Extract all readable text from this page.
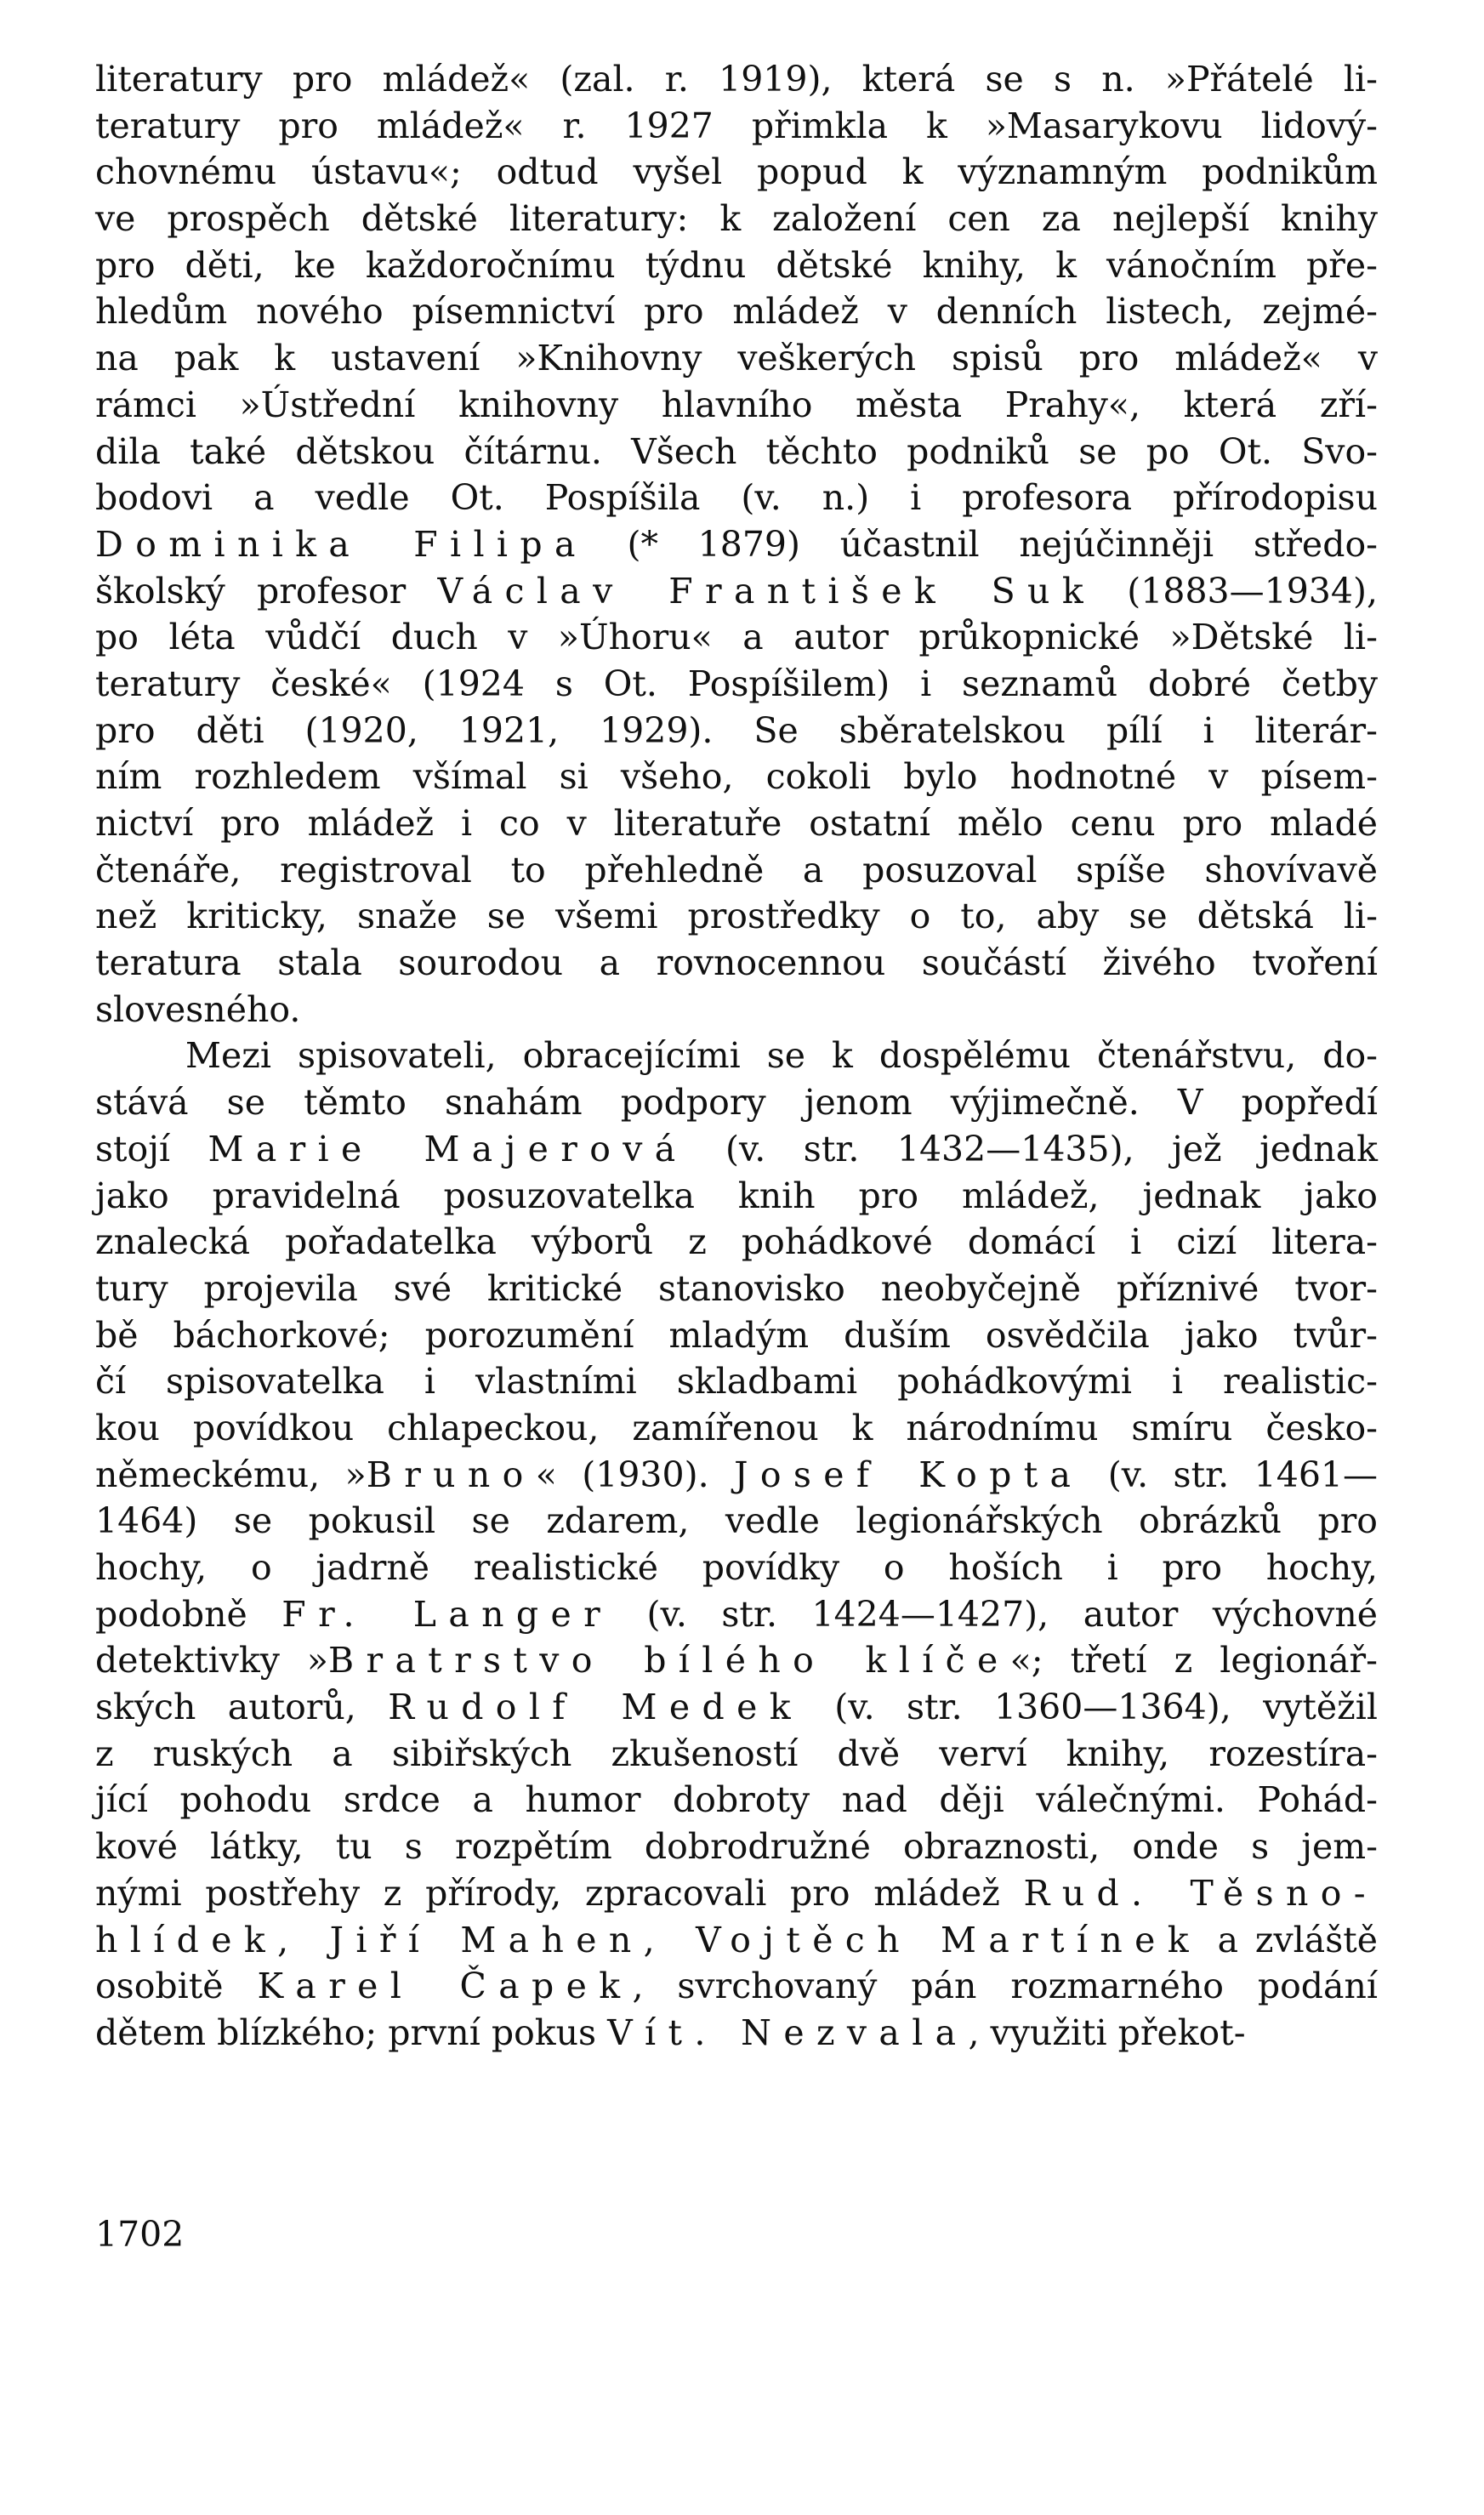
literatury pro mládež« (zal. r. 1919), která se s n. »Přátelé li-
teratury pro mládež« r. 1927 přimkla k »Masarykovu lidový-
chovnému ústavu«; odtud vyšel popud k významným podnikům
ve prospěch dětské literatury: k založení cen za nejlepší knihy
pro děti, ke každoročnímu týdnu dětské knihy, k vánočním pře-
hledům nového písemnictví pro mládež v denních listech, zejmé-
na pak k ustavení »Knihovny veškerých spisů pro mládež« v
rámci »Ústřední knihovny hlavního města Prahy«, která zří-
dila také dětskou čítárnu. Všech těchto podniků se po Ot. Svo-
bodovi a vedle Ot. Pospíšila (v. n.) i profesora přírodopisu
Dominika Filipa (* 1879) účastnil nejúčinněji středo-
školský profesor Václav František Suk (1883—1934),
po léta vůdčí duch v »Úhoru« a autor průkopnické »Dětské li-
teratury české« (1924 s Ot. Pospíšilem) i seznamů dobré četby
pro děti (1920, 1921, 1929). Se sběratelskou pílí i literár-
ním rozhledem všímal si všeho, cokoli bylo hodnotné v písem-
nictví pro mládež i co v literatuře ostatní mělo cenu pro mladé
čtenáře, registroval to přehledně a posuzoval spíše shovívavě
než kriticky, snaže se všemi prostředky o to, aby se dětská li-
teratura stala sourodou a rovnocennou součástí živého tvoření
slovesného.
Mezi spisovateli, obracejícími se k dospělému čtenářstvu, do-
stává se těmto snahám podpory jenom výjimečně. V popředí
stojí Marie Majerová (v. str. 1432—1435), jež jednak
jako pravidelná posuzovatelka knih pro mládež, jednak jako
znalecká pořadatelka výborů z pohádkové domácí i cizí litera-
tury projevila své kritické stanovisko neobyčejně příznivé tvor-
bě báchorkové; porozumění mladým duším osvědčila jako tvůr-
čí spisovatelka i vlastními skladbami pohádkovými i realistic-
kou povídkou chlapeckou, zamířenou k národnímu smíru česko-
německému, »Bruno« (1930). Josef Kopta (v. str. 1461—
1464) se pokusil se zdarem, vedle legionářských obrázků pro
hochy, o jadrně realistické povídky o hoších i pro hochy,
podobně Fr. Langer (v. str. 1424—1427), autor výchovné
detektivky »Bratrstvo bílého klíče«; třetí z legionář-
ských autorů, Rudolf Medek (v. str. 1360—1364), vytěžil
z ruských a sibiřských zkušeností dvě verví knihy, rozestíra-
jící pohodu srdce a humor dobroty nad ději válečnými. Pohád-
kové látky, tu s rozpětím dobrodružné obraznosti, onde s jem-
nými postřehy z přírody, zpracovali pro mládež Rud. Těsno-
hlídek, Jiří Mahen, Vojtěch Martínek a zvláště
osobitě Karel Čapek, svrchovaný pán rozmarného podání
dětem blízkého; první pokus Vít. Nezvala, využiti překot-
1702
